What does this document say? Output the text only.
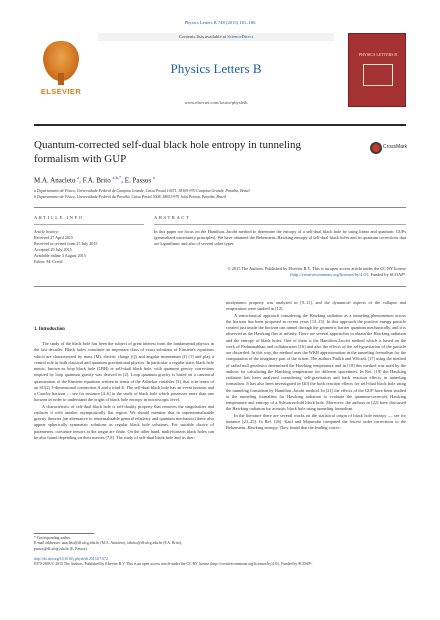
Physics Letters B 748 (2015) 181–186
ELSEVIER
Contents lists available at ScienceDirect
Physics Letters B
www.elsevier.com/locate/physletb
PHYSICS LETTERS B
Quantum-corrected self-dual black hole entropy in tunneling formalism with GUP
CrossMark
M.A. Anacleto $^a$, F.A. Brito $^{a,b,*}$, E. Passos $^a$
a Departamento de Física, Universidade Federal de Campina Grande, Caixa Postal 10071, 58109-970 Campina Grande, Paraíba, Brazil
b Departamento de Física, Universidade Federal da Paraíba, Caixa Postal 5008, 58051-970 João Pessoa, Paraíba, Brazil
ARTICLE INFO	ABSTRACT
Article history:
Received 27 April 2015
Received in revised form 27 July 2015
Accepted 29 July 2015
Available online 3 August 2015
Editor: M. Cvetič
In this paper we focus on the Hamilton–Jacobi method to determine the entropy of a self-dual black hole by using linear and quadratic GUPs (generalized uncertainty principles). We have obtained the Bekenstein–Hawking entropy of self-dual black holes and its quantum corrections that are logarithmic and also of several other types.
© 2015 The Authors. Published by Elsevier B.V. This is an open access article under the CC BY license (http://creativecommons.org/licenses/by/4.0/). Funded by SCOAP³.
1. Introduction

The study of the black hole has been the subject of great interest from the fundamental physics in the last decades. Black holes constitute an important class of exact solutions of Einstein's equations which are characterized by mass (M), electric charge (Q) and angular momentum (J) [1] and play a central role in both classical and quantum gravitational physics. In particular a regular static black hole metric, known as loop black hole (LBH) or self-dual black hole, with quantum gravity corrections inspired by loop quantum gravity was derived in [2]. Loop quantum gravity is based on a canonical quantization of the Einstein equations written in terms of the Ashtekar variables [3], that is in terms of an SU(2) 3-dimensional connection A and a triad E. The self-dual black hole has an event horizon and a Cauchy horizon — see for instance [4–6] to the study of black hole which possesses more than one horizon in order to understand the origin of black hole entropy in microscopic level.

A characteristic of self-dual black hole is self-duality property that removes the singularities and replaces it with another asymptotically flat region. We should mention that in supernormalizable gravity theories (an alternative to renormalizable general relativity and quantum mechanics) there also appear spherically symmetric solutions as regular black hole solutions. For suitable choice of parameters, curvature tensors at the origin are finite. On the other hand, multi-horizon black holes can be also found depending on their masses [7,8]. The study of self-dual black hole and its ther-

modynamic property was analyzed in [9–11], and the dynamical aspects of the collapse and evaporation were studied in [12].

A semiclassical approach considering the Hawking radiation as a tunneling phenomenon across the horizon has been proposed in recent years [13–15]. In this approach the positive energy particle created just inside the horizon can tunnel through the geometric barrier quantum mechanically, and it is observed as the Hawking flux at infinity. There are several approaches to obtain the Hawking radiation and the entropy of black holes. One of them is the Hamilton–Jacobi method which is based on the work of Padmanabhan and collaborators [16] and also the effects of the self-gravitation of the particle are discarded. In this way, the method uses the WKB approximation in the tunneling formalism for the computation of the imaginary part of the action. The authors Parikh and Wilczek [17] using the method of radial null geodesics determined the Hawking temperature and in [18] this method was used by the authors for calculating the Hawking temperature for different spacetimes. In Ref. [19] the Hawking radiation has been analyzed considering self-gravitation and back reaction effects in tunneling formalism. It has also been investigated in [20] the back reaction effects for self-dual black hole using the tunneling formalism by Hamilton–Jacobi method. In [21] the effects of the GUP have been studied in the tunneling formalism for Hawking radiation to evaluate the quantum-corrected Hawking temperature and entropy of a Schwarzschild black hole. Moreover, the authors in [22] have discussed the Hawking radiation for acoustic black hole using tunneling formalism.

In the literature there are several works on the statistical origin of black hole entropy — see for instance [23–25]. In Ref. [26], Kaul and Majumdar computed the lowest order corrections to the Bekenstein–Hawking entropy. They found that the leading correc-

* Corresponding author.
E-mail addresses: anacleto@df.ufcg.edu.br (M.A. Anacleto), fabrito@df.ufcg.edu.br (F.A. Brito), passos@df.ufcg.edu.br (E. Passos).
http://dx.doi.org/10.1016/j.physletb.2015.07.072
0370-2693/© 2015 The Authors. Published by Elsevier B.V. This is an open access article under the CC BY license (http://creativecommons.org/licenses/by/4.0/). Funded by SCOAP³.
